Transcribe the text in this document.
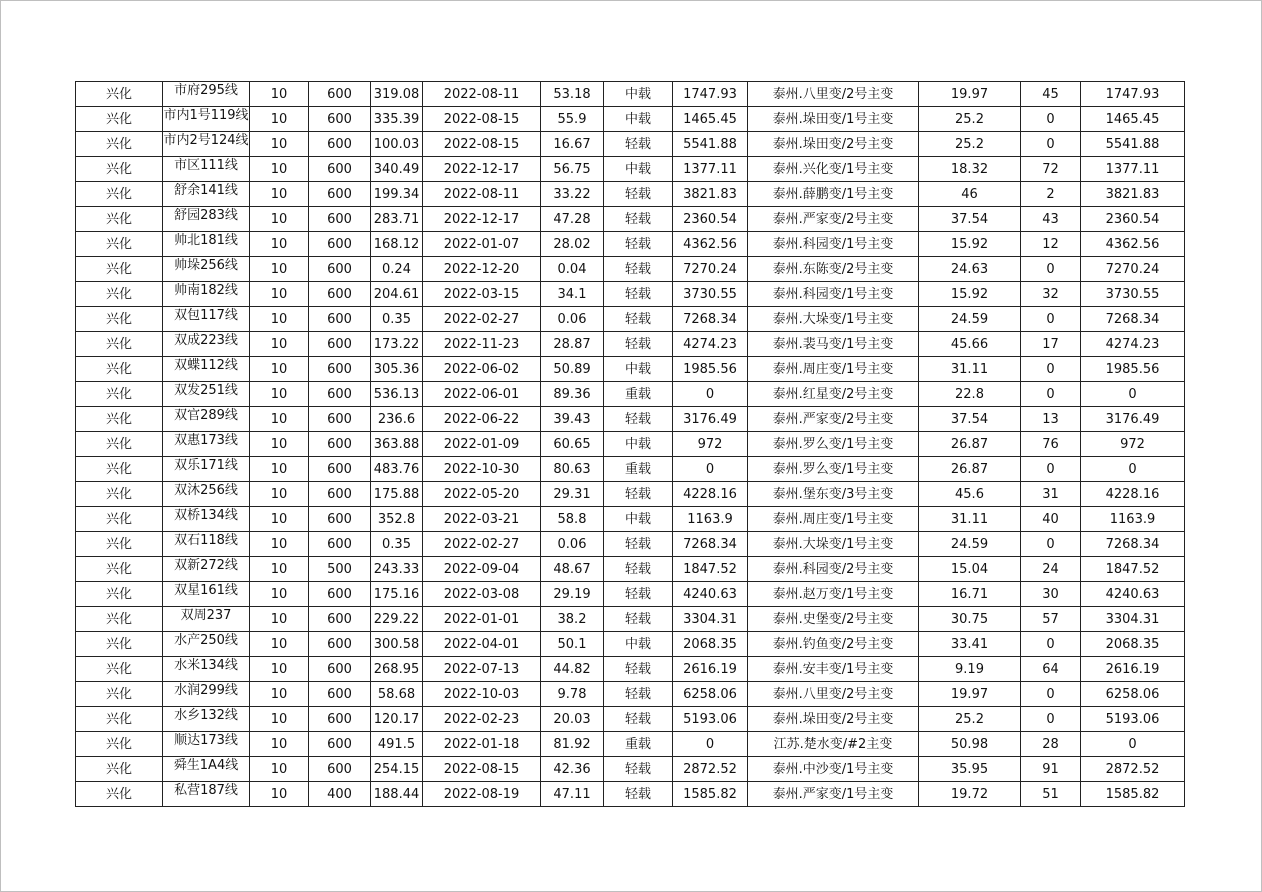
兴化	市府295线	10	600	319.08	2022-08-11	53.18	中载	1747.93	泰州.八里变/2号主变	19.97	45	1747.93
兴化	市内1号119线	10	600	335.39	2022-08-15	55.9	中载	1465.45	泰州.垛田变/1号主变	25.2	0	1465.45
兴化	市内2号124线	10	600	100.03	2022-08-15	16.67	轻载	5541.88	泰州.垛田变/2号主变	25.2	0	5541.88
兴化	市区111线	10	600	340.49	2022-12-17	56.75	中载	1377.11	泰州.兴化变/1号主变	18.32	72	1377.11
兴化	舒余141线	10	600	199.34	2022-08-11	33.22	轻载	3821.83	泰州.薛鹏变/1号主变	46	2	3821.83
兴化	舒园283线	10	600	283.71	2022-12-17	47.28	轻载	2360.54	泰州.严家变/2号主变	37.54	43	2360.54
兴化	帅北181线	10	600	168.12	2022-01-07	28.02	轻载	4362.56	泰州.科园变/1号主变	15.92	12	4362.56
兴化	帅垛256线	10	600	0.24	2022-12-20	0.04	轻载	7270.24	泰州.东陈变/2号主变	24.63	0	7270.24
兴化	帅南182线	10	600	204.61	2022-03-15	34.1	轻载	3730.55	泰州.科园变/1号主变	15.92	32	3730.55
兴化	双包117线	10	600	0.35	2022-02-27	0.06	轻载	7268.34	泰州.大垛变/1号主变	24.59	0	7268.34
兴化	双成223线	10	600	173.22	2022-11-23	28.87	轻载	4274.23	泰州.裴马变/1号主变	45.66	17	4274.23
兴化	双蝶112线	10	600	305.36	2022-06-02	50.89	中载	1985.56	泰州.周庄变/1号主变	31.11	0	1985.56
兴化	双发251线	10	600	536.13	2022-06-01	89.36	重载	0	泰州.红星变/2号主变	22.8	0	0
兴化	双官289线	10	600	236.6	2022-06-22	39.43	轻载	3176.49	泰州.严家变/2号主变	37.54	13	3176.49
兴化	双惠173线	10	600	363.88	2022-01-09	60.65	中载	972	泰州.罗么变/1号主变	26.87	76	972
兴化	双乐171线	10	600	483.76	2022-10-30	80.63	重载	0	泰州.罗么变/1号主变	26.87	0	0
兴化	双沐256线	10	600	175.88	2022-05-20	29.31	轻载	4228.16	泰州.堡东变/3号主变	45.6	31	4228.16
兴化	双桥134线	10	600	352.8	2022-03-21	58.8	中载	1163.9	泰州.周庄变/1号主变	31.11	40	1163.9
兴化	双石118线	10	600	0.35	2022-02-27	0.06	轻载	7268.34	泰州.大垛变/1号主变	24.59	0	7268.34
兴化	双新272线	10	500	243.33	2022-09-04	48.67	轻载	1847.52	泰州.科园变/2号主变	15.04	24	1847.52
兴化	双星161线	10	600	175.16	2022-03-08	29.19	轻载	4240.63	泰州.赵万变/1号主变	16.71	30	4240.63
兴化	双周237	10	600	229.22	2022-01-01	38.2	轻载	3304.31	泰州.史堡变/2号主变	30.75	57	3304.31
兴化	水产250线	10	600	300.58	2022-04-01	50.1	中载	2068.35	泰州.钓鱼变/2号主变	33.41	0	2068.35
兴化	水米134线	10	600	268.95	2022-07-13	44.82	轻载	2616.19	泰州.安丰变/1号主变	9.19	64	2616.19
兴化	水润299线	10	600	58.68	2022-10-03	9.78	轻载	6258.06	泰州.八里变/2号主变	19.97	0	6258.06
兴化	水乡132线	10	600	120.17	2022-02-23	20.03	轻载	5193.06	泰州.垛田变/2号主变	25.2	0	5193.06
兴化	顺达173线	10	600	491.5	2022-01-18	81.92	重载	0	江苏.楚水变/#2主变	50.98	28	0
兴化	舜生1A4线	10	600	254.15	2022-08-15	42.36	轻载	2872.52	泰州.中沙变/1号主变	35.95	91	2872.52
兴化	私营187线	10	400	188.44	2022-08-19	47.11	轻载	1585.82	泰州.严家变/1号主变	19.72	51	1585.82
